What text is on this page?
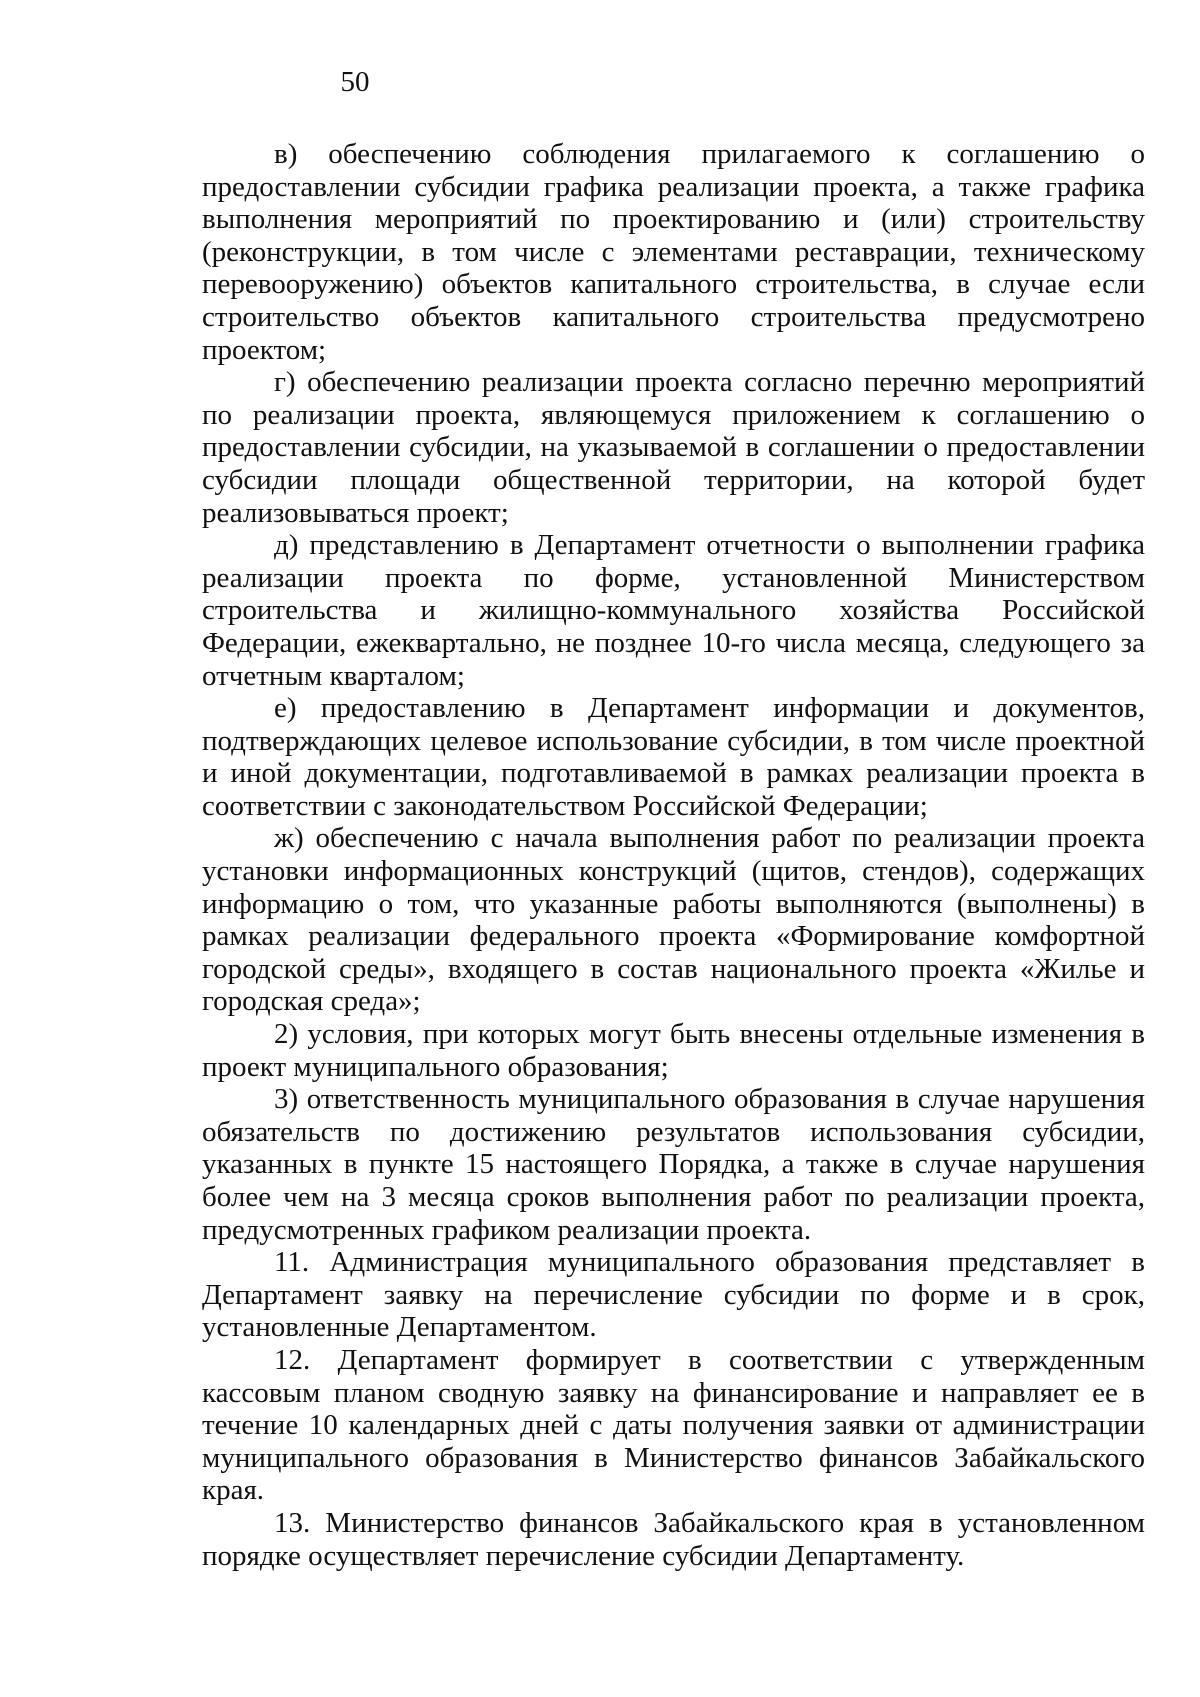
50

в) обеспечению соблюдения прилагаемого к соглашению о предоставлении субсидии графика реализации проекта, а также графика выполнения мероприятий по проектированию и (или) строительству (реконструкции, в том числе с элементами реставрации, техническому перевооружению) объектов капитального строительства, в случае если строительство объектов капитального строительства предусмотрено проектом;

г) обеспечению реализации проекта согласно перечню мероприятий по реализации проекта, являющемуся приложением к соглашению о предоставлении субсидии, на указываемой в соглашении о предоставлении субсидии площади общественной территории, на которой будет реализовываться проект;

д) представлению в Департамент отчетности о выполнении графика реализации проекта по форме, установленной Министерством строительства и жилищно-коммунального хозяйства Российской Федерации, ежеквартально, не позднее 10-го числа месяца, следующего за отчетным кварталом;

е) предоставлению в Департамент информации и документов, подтверждающих целевое использование субсидии, в том числе проектной и иной документации, подготавливаемой в рамках реализации проекта в соответствии с законодательством Российской Федерации;

ж) обеспечению с начала выполнения работ по реализации проекта установки информационных конструкций (щитов, стендов), содержащих информацию о том, что указанные работы выполняются (выполнены) в рамках реализации федерального проекта «Формирование комфортной городской среды», входящего в состав национального проекта «Жилье и городская среда»;

2) условия, при которых могут быть внесены отдельные изменения в проект муниципального образования;

3) ответственность муниципального образования в случае нарушения обязательств по достижению результатов использования субсидии, указанных в пункте 15 настоящего Порядка, а также в случае нарушения более чем на 3 месяца сроков выполнения работ по реализации проекта, предусмотренных графиком реализации проекта.

11. Администрация муниципального образования представляет в Департамент заявку на перечисление субсидии по форме и в срок, установленные Департаментом.

12. Департамент формирует в соответствии с утвержденным кассовым планом сводную заявку на финансирование и направляет ее в течение 10 календарных дней с даты получения заявки от администрации муниципального образования в Министерство финансов Забайкальского края.

13. Министерство финансов Забайкальского края в установленном порядке осуществляет перечисление субсидии Департаменту.
